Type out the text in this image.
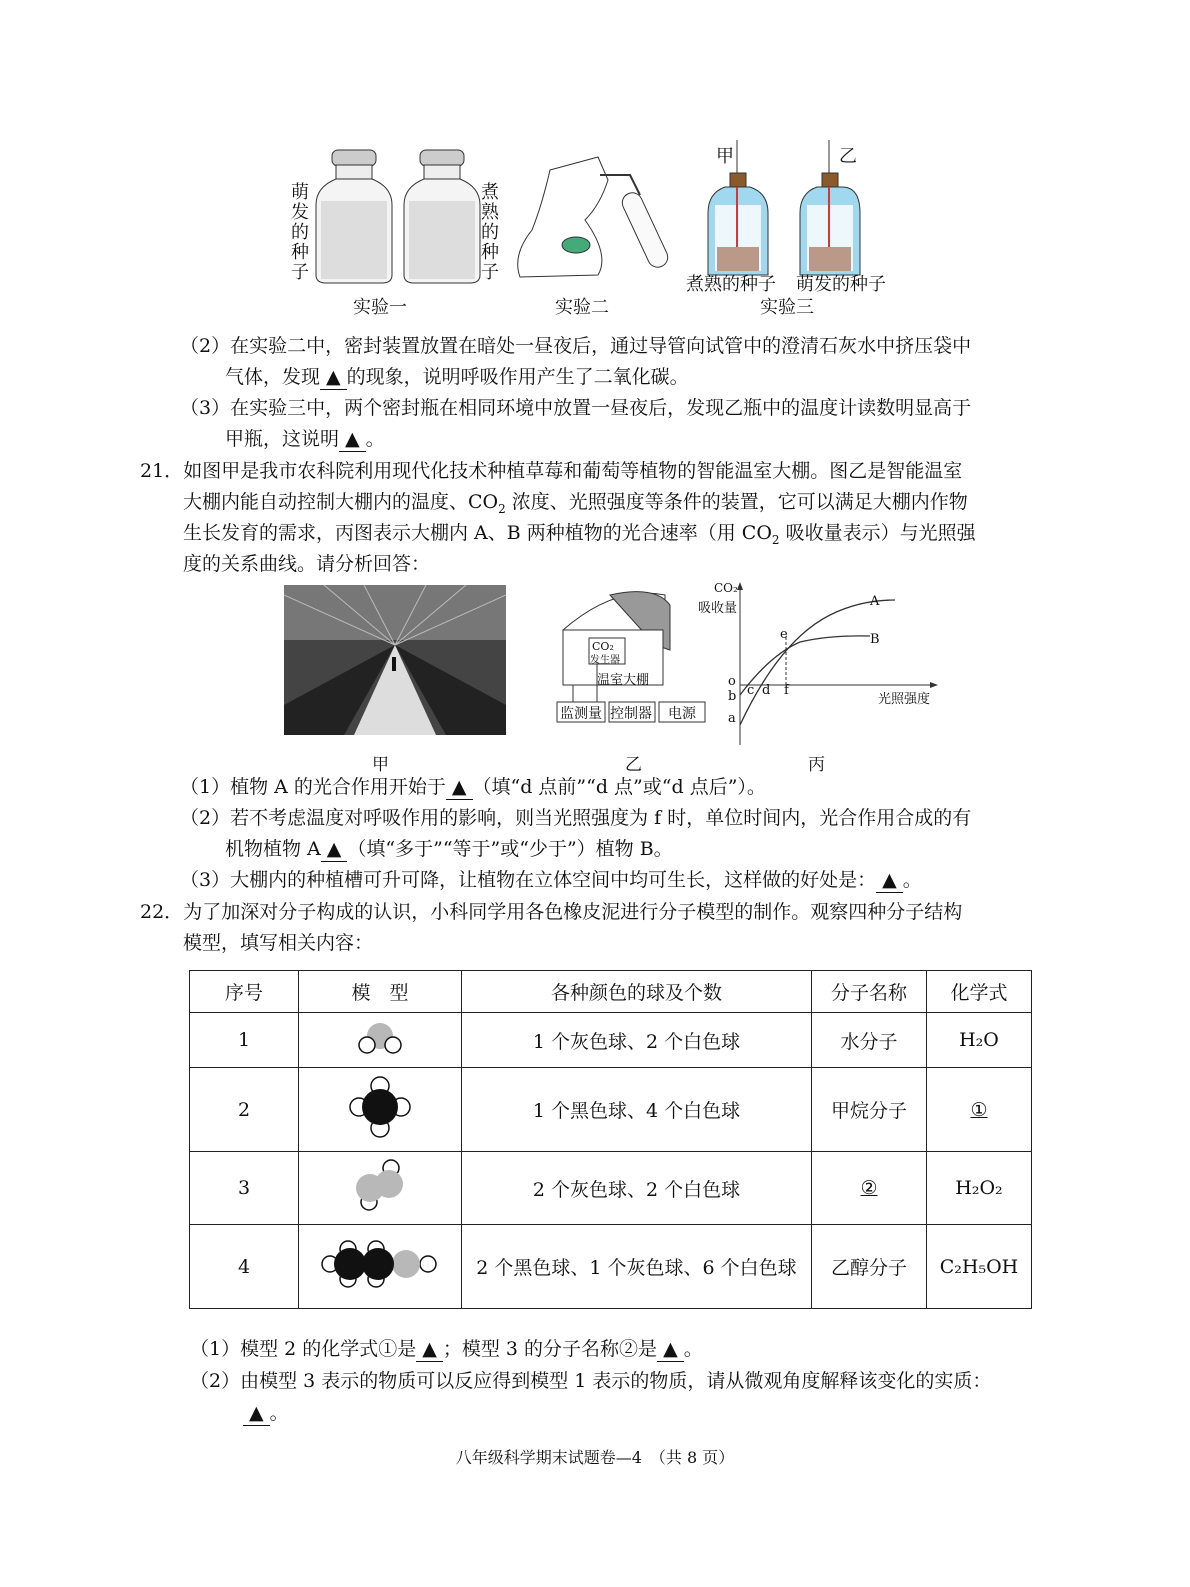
萌发的种子
煮熟的种子
实验一	实验二	实验三
甲	乙
煮熟的种子 萌发的种子
（2）在实验二中，密封装置放置在暗处一昼夜后，通过导管向试管中的澄清石灰水中挤压袋中
气体，发现 ▲ 的现象，说明呼吸作用产生了二氧化碳。
（3）在实验三中，两个密封瓶在相同环境中放置一昼夜后，发现乙瓶中的温度计读数明显高于
甲瓶，这说明 ▲ 。
21．如图甲是我市农科院利用现代化技术种植草莓和葡萄等植物的智能温室大棚。图乙是智能温室
大棚内能自动控制大棚内的温度、$CO_2$ 浓度、光照强度等条件的装置，它可以满足大棚内作物
生长发育的需求，丙图表示大棚内 A、B 两种植物的光合速率（用 $CO_2$ 吸收量表示）与光照强
度的关系曲线。请分析回答：
CO₂
发生器
温室大棚
监测量 控制器 电源
CO₂
吸收量
光照强度
A
B
o
b
a
c d f
e
甲	乙	丙
（1）植物 A 的光合作用开始于 ▲ （填“d 点前”“d 点”或“d 点后”）。
（2）若不考虑温度对呼吸作用的影响，则当光照强度为 f 时，单位时间内，光合作用合成的有
机物植物 A ▲ （填“多于”“等于”或“少于”）植物 B。
（3）大棚内的种植槽可升可降，让植物在立体空间中均可生长，这样做的好处是： ▲ 。
22．为了加深对分子构成的认识，小科同学用各色橡皮泥进行分子模型的制作。观察四种分子结构
模型，填写相关内容：
序号	模　型	各种颜色的球及个数	分子名称	化学式
1		1 个灰色球、2 个白色球	水分子	H₂O
2		1 个黑色球、4 个白色球	甲烷分子	①
3		2 个灰色球、2 个白色球	②	H₂O₂
4		2 个黑色球、1 个灰色球、6 个白色球	乙醇分子	C₂H₅OH
（1）模型 2 的化学式①是 ▲ ；模型 3 的分子名称②是 ▲ 。
（2）由模型 3 表示的物质可以反应得到模型 1 表示的物质，请从微观角度解释该变化的实质：
▲ 。
八年级科学期末试题卷—4　（共 8 页）
